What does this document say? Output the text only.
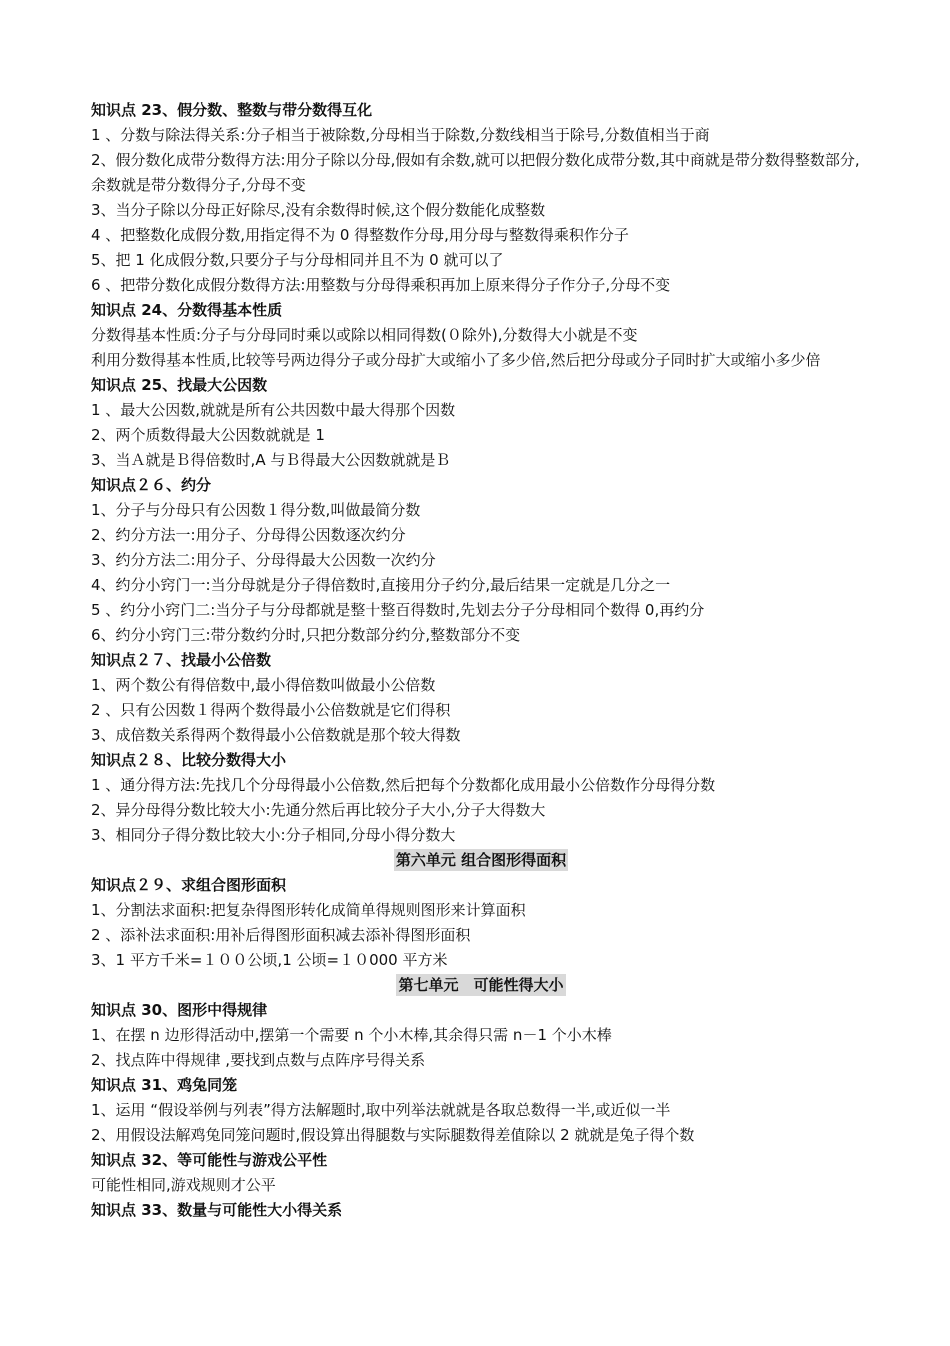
知识点 23、假分数、整数与带分数得互化
1 、分数与除法得关系:分子相当于被除数,分母相当于除数,分数线相当于除号,分数值相当于商
2、假分数化成带分数得方法:用分子除以分母,假如有余数,就可以把假分数化成带分数,其中商就是带分数得整数部分,余数就是带分数得分子,分母不变
3、当分子除以分母正好除尽,没有余数得时候,这个假分数能化成整数
4 、把整数化成假分数,用指定得不为 0 得整数作分母,用分母与整数得乘积作分子
5、把 1 化成假分数,只要分子与分母相同并且不为 0 就可以了
6 、把带分数化成假分数得方法:用整数与分母得乘积再加上原来得分子作分子,分母不变
知识点 24、分数得基本性质
分数得基本性质:分子与分母同时乘以或除以相同得数(０除外),分数得大小就是不变
利用分数得基本性质,比较等号两边得分子或分母扩大或缩小了多少倍,然后把分母或分子同时扩大或缩小多少倍
知识点 25、找最大公因数
1 、最大公因数,就就是所有公共因数中最大得那个因数
2、两个质数得最大公因数就就是 1
3、当Ａ就是Ｂ得倍数时,A 与Ｂ得最大公因数就就是Ｂ
知识点２６、约分
1、分子与分母只有公因数１得分数,叫做最简分数
2、约分方法一:用分子、分母得公因数逐次约分
3、约分方法二:用分子、分母得最大公因数一次约分
4、约分小窍门一:当分母就是分子得倍数时,直接用分子约分,最后结果一定就是几分之一
5 、约分小窍门二:当分子与分母都就是整十整百得数时,先划去分子分母相同个数得 0,再约分
6、约分小窍门三:带分数约分时,只把分数部分约分,整数部分不变
知识点２７、找最小公倍数
1、两个数公有得倍数中,最小得倍数叫做最小公倍数
2 、只有公因数１得两个数得最小公倍数就是它们得积
3、成倍数关系得两个数得最小公倍数就是那个较大得数
知识点２８、比较分数得大小
1 、通分得方法:先找几个分母得最小公倍数,然后把每个分数都化成用最小公倍数作分母得分数
2、异分母得分数比较大小:先通分然后再比较分子大小,分子大得数大
3、相同分子得分数比较大小:分子相同,分母小得分数大
第六单元 组合图形得面积
知识点２９、求组合图形面积
1、分割法求面积:把复杂得图形转化成简单得规则图形来计算面积
2 、添补法求面积:用补后得图形面积减去添补得图形面积
3、1 平方千米=１００公顷,1 公顷=１０000 平方米
第七单元　可能性得大小
知识点 30、图形中得规律
1、在摆 n 边形得活动中,摆第一个需要 n 个小木棒,其余得只需 n－1 个小木棒
2、找点阵中得规律 ,要找到点数与点阵序号得关系
知识点 31、鸡兔同笼
1、运用 “假设举例与列表”得方法解题时,取中列举法就就是各取总数得一半,或近似一半
2、用假设法解鸡兔同笼问题时,假设算出得腿数与实际腿数得差值除以 2 就就是兔子得个数
知识点 32、等可能性与游戏公平性
可能性相同,游戏规则才公平
知识点 33、数量与可能性大小得关系
